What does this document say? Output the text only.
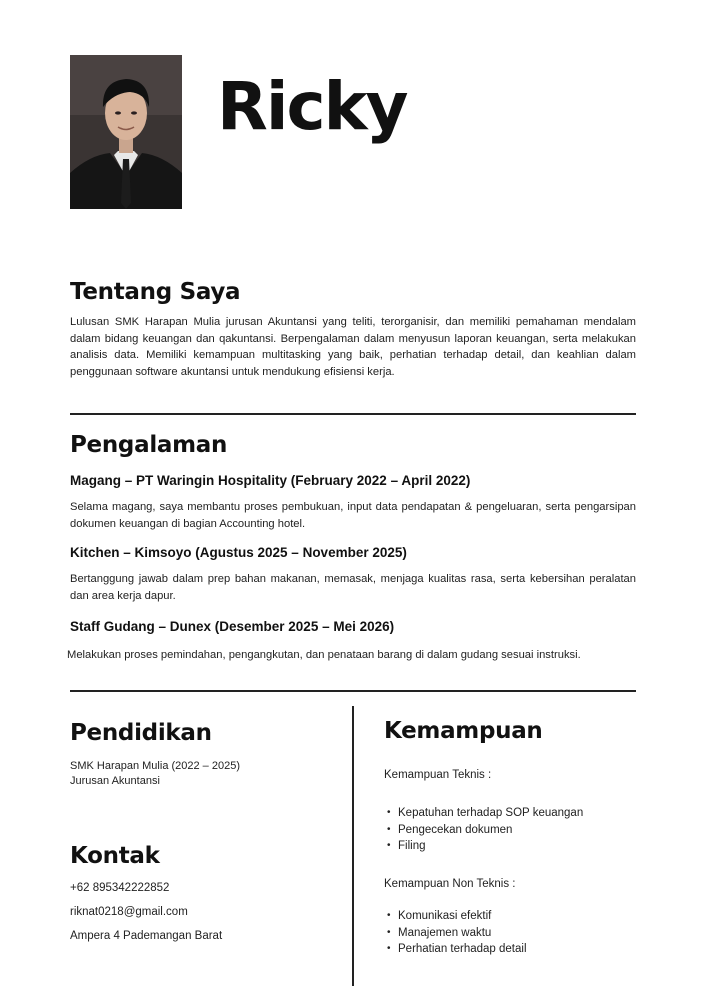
Ricky
Tentang Saya
Lulusan SMK Harapan Mulia jurusan Akuntansi yang teliti, terorganisir, dan memiliki pemahaman mendalam dalam bidang keuangan dan qakuntansi. Berpengalaman dalam menyusun laporan keuangan, serta melakukan analisis data. Memiliki kemampuan multitasking yang baik, perhatian terhadap detail, dan keahlian dalam penggunaan software akuntansi untuk mendukung efisiensi kerja.
Pengalaman
Magang – PT Waringin Hospitality (February 2022 – April 2022)
Selama magang, saya membantu proses pembukuan, input data pendapatan & pengeluaran, serta pengarsipan dokumen keuangan di bagian Accounting hotel.
Kitchen – Kimsoyo (Agustus 2025 – November 2025)
Bertanggung jawab dalam prep bahan makanan, memasak, menjaga kualitas rasa, serta kebersihan peralatan dan area kerja dapur.
Staff Gudang – Dunex (Desember 2025 – Mei 2026)
Melakukan proses pemindahan, pengangkutan, dan penataan barang di dalam gudang sesuai instruksi.
Pendidikan
SMK Harapan Mulia (2022 – 2025)
Jurusan Akuntansi
Kontak
+62 895342222852
riknat0218@gmail.com
Ampera 4 Pademangan Barat
Kemampuan
Kemampuan Teknis :
• Kepatuhan terhadap SOP keuangan
• Pengecekan dokumen
• Filing
Kemampuan Non Teknis :
• Komunikasi efektif
• Manajemen waktu
• Perhatian terhadap detail
